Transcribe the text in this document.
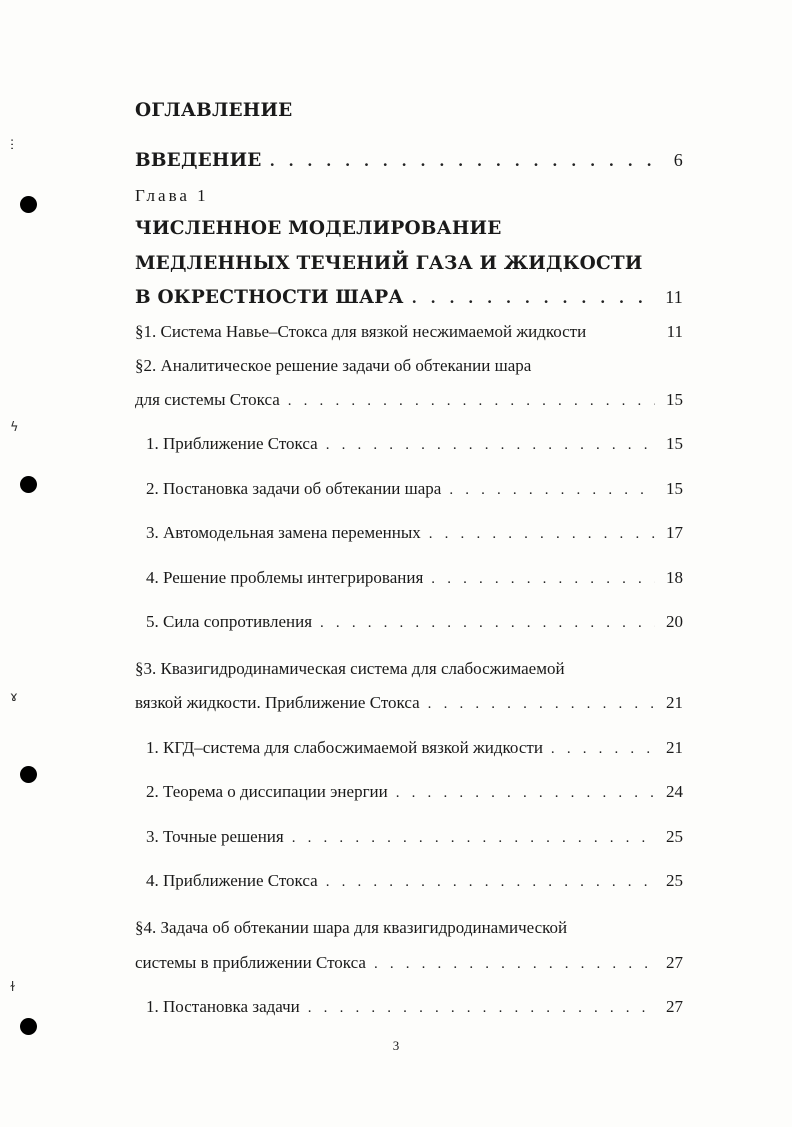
ⵗ
ϟ
ɤ
ɫ
ОГЛАВЛЕНИЕ
ВВЕДЕНИЕ . . .	6
Глава 1
ЧИСЛЕННОЕ МОДЕЛИРОВАНИЕ
МЕДЛЕННЫХ ТЕЧЕНИЙ ГАЗА И ЖИДКОСТИ
В ОКРЕСТНОСТИ ШАРА . . .	11
§1. Система Навье–Стокса для вязкой несжимаемой жидкости	11
§2. Аналитическое решение задачи об обтекании шара
для системы Стокса . . .	15
1. Приближение Стокса . . .	15
2. Постановка задачи об обтекании шара . . .	15
3. Автомодельная замена переменных . . .	17
4. Решение проблемы интегрирования . . .	18
5. Сила сопротивления . . .	20
§3. Квазигидродинамическая система для слабосжимаемой
вязкой жидкости. Приближение Стокса . . .	21
1. КГД–система для слабосжимаемой вязкой жидкости . . .	21
2. Теорема о диссипации энергии . . .	24
3. Точные решения . . .	25
4. Приближение Стокса . . .	25
§4. Задача об обтекании шара для квазигидродинамической
системы в приближении Стокса . . .	27
1. Постановка задачи . . .	27
3
